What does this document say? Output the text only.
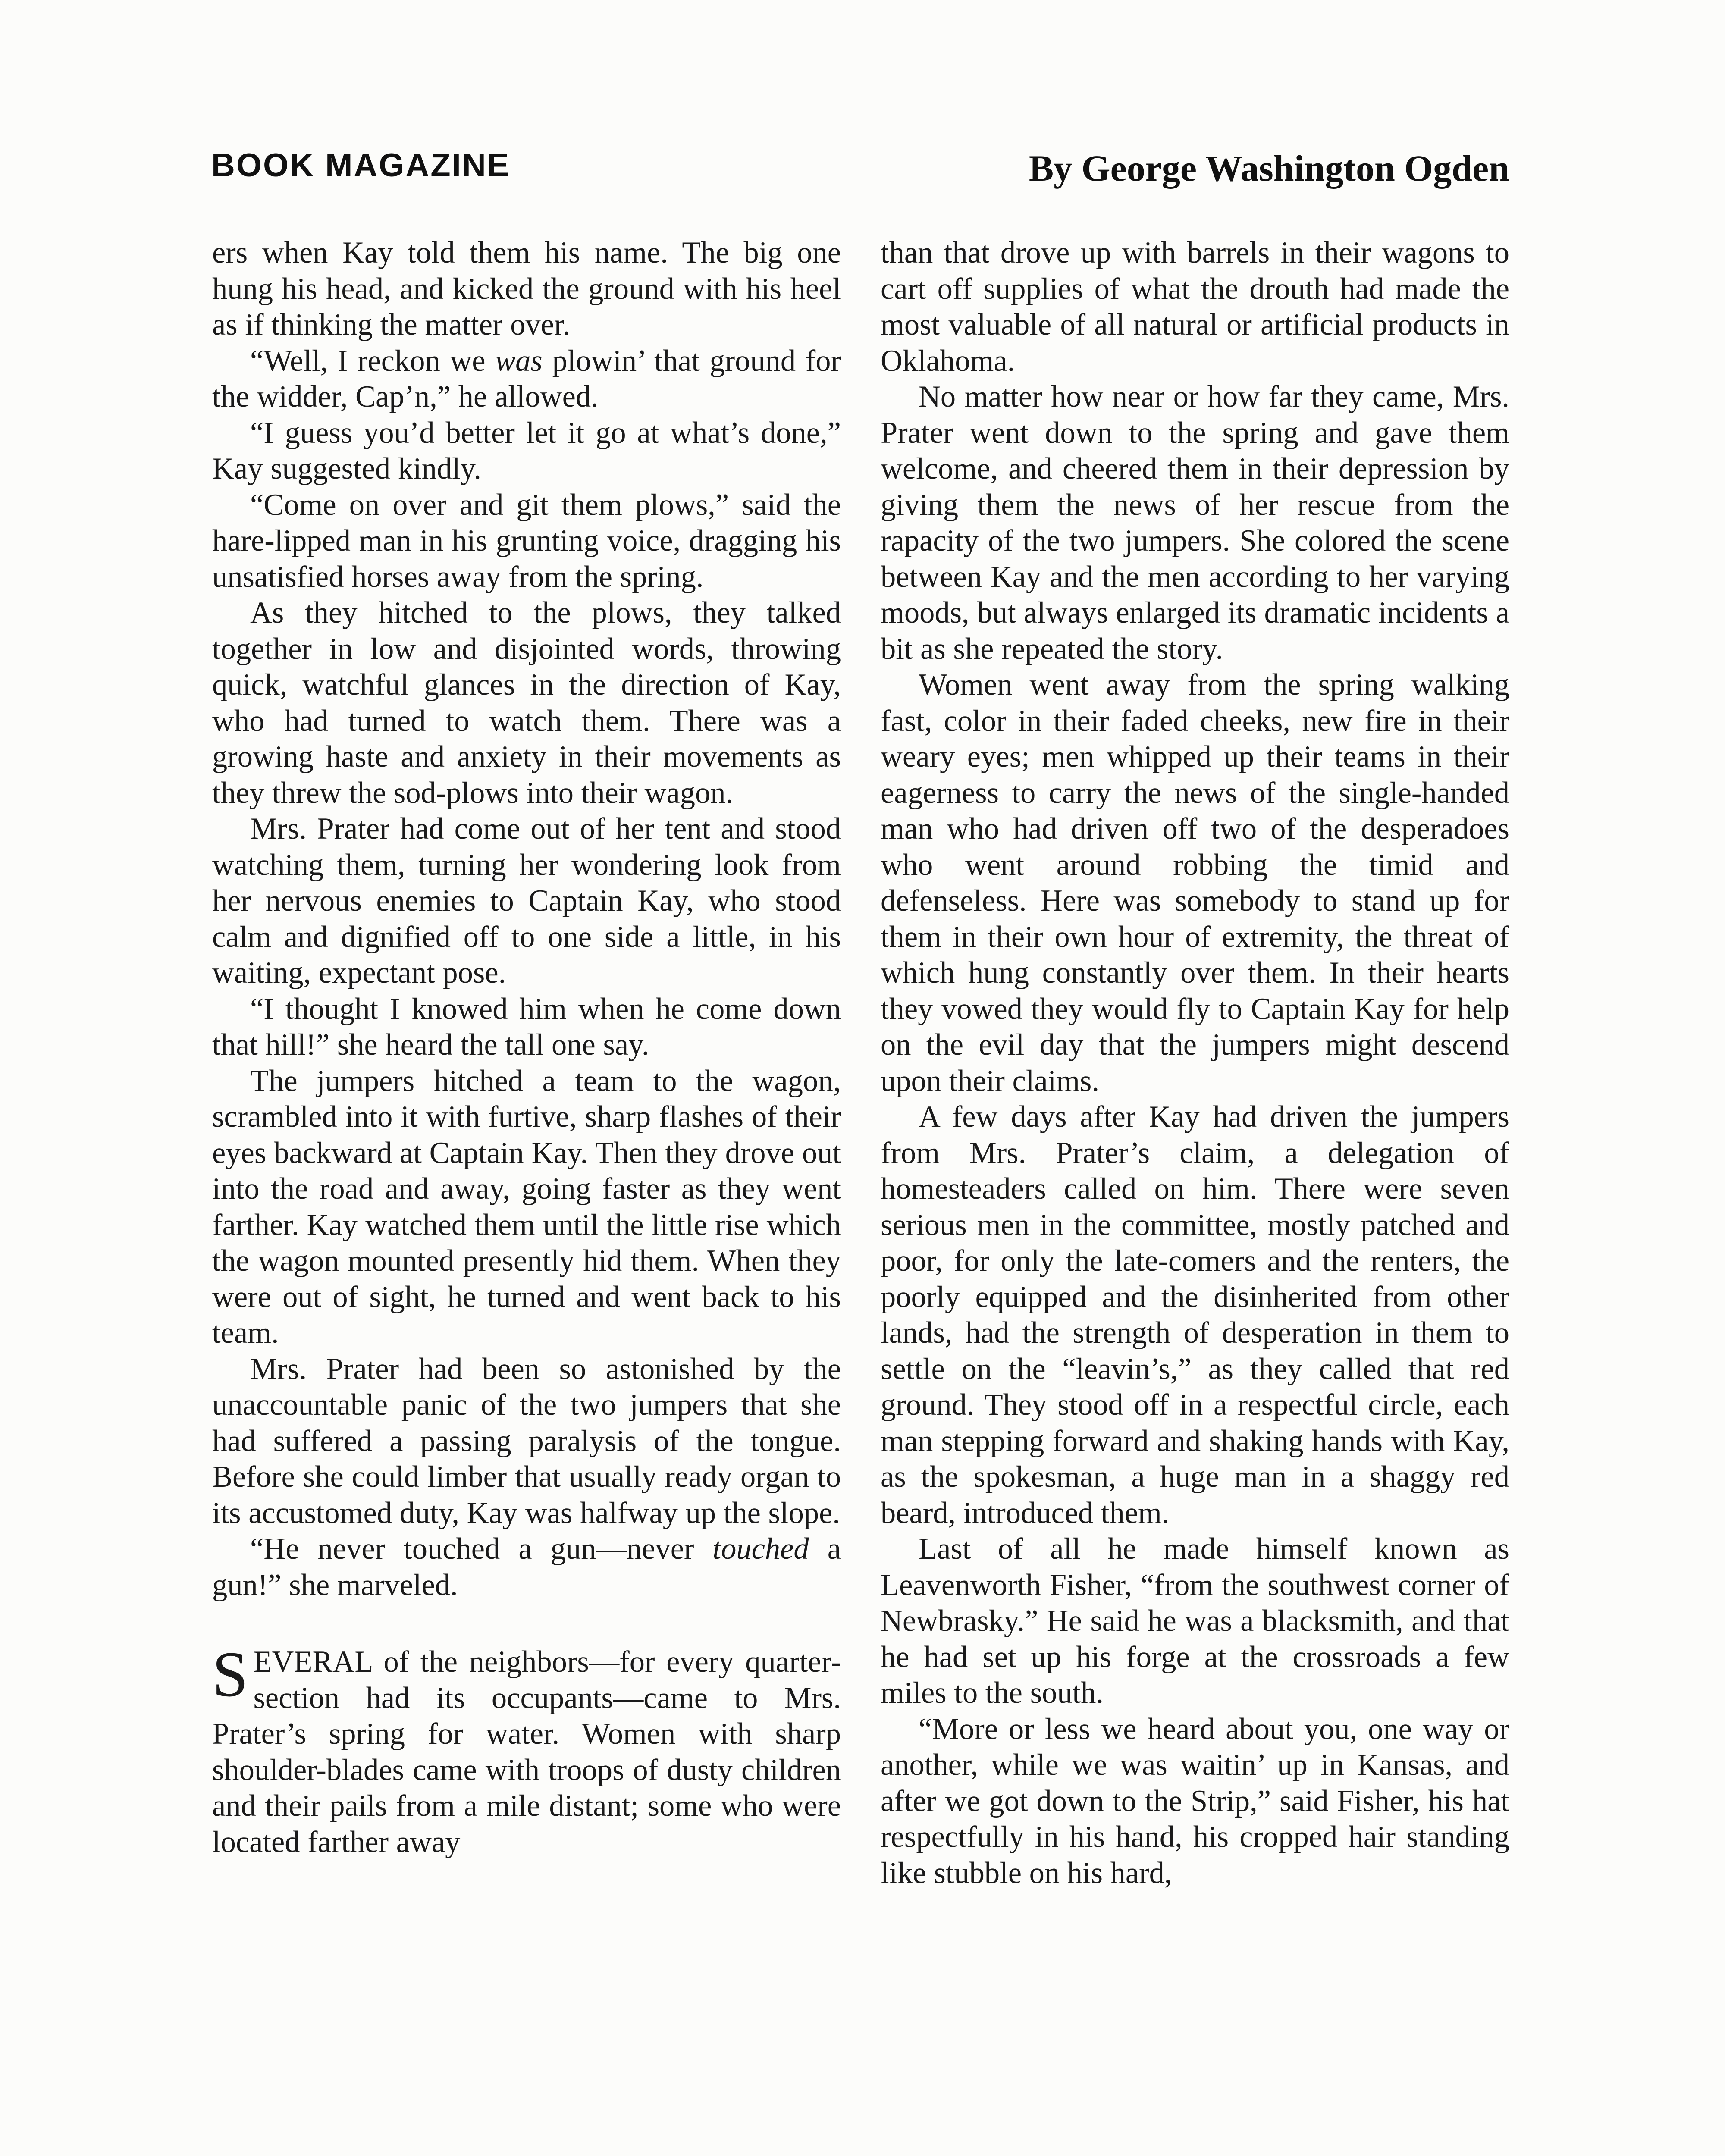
BOOK MAGAZINE	By George Washington Ogden

ers when Kay told them his name. The big one hung his head, and kicked the ground with his heel as if thinking the matter over.

“Well, I reckon we was plowin’ that ground for the widder, Cap’n,” he allowed.

“I guess you’d better let it go at what’s done,” Kay suggested kindly.

“Come on over and git them plows,” said the hare-lipped man in his grunting voice, dragging his unsatisfied horses away from the spring.

As they hitched to the plows, they talked together in low and disjointed words, throwing quick, watchful glances in the direction of Kay, who had turned to watch them. There was a growing haste and anxiety in their movements as they threw the sod-plows into their wagon.

Mrs. Prater had come out of her tent and stood watching them, turning her wondering look from her nervous enemies to Captain Kay, who stood calm and dignified off to one side a little, in his waiting, expectant pose.

“I thought I knowed him when he come down that hill!” she heard the tall one say.

The jumpers hitched a team to the wagon, scrambled into it with furtive, sharp flashes of their eyes backward at Captain Kay. Then they drove out into the road and away, going faster as they went farther. Kay watched them until the little rise which the wagon mounted presently hid them. When they were out of sight, he turned and went back to his team.

Mrs. Prater had been so astonished by the unaccountable panic of the two jumpers that she had suffered a passing paralysis of the tongue. Before she could limber that usually ready organ to its accustomed duty, Kay was halfway up the slope.

“He never touched a gun—never touched a gun!” she marveled.

SEVERAL of the neighbors—for every quarter-section had its occupants—came to Mrs. Prater’s spring for water. Women with sharp shoulder-blades came with troops of dusty children and their pails from a mile distant; some who were located farther away

than that drove up with barrels in their wagons to cart off supplies of what the drouth had made the most valuable of all natural or artificial products in Oklahoma.

No matter how near or how far they came, Mrs. Prater went down to the spring and gave them welcome, and cheered them in their depression by giving them the news of her rescue from the rapacity of the two jumpers. She colored the scene between Kay and the men according to her varying moods, but always enlarged its dramatic incidents a bit as she repeated the story.

Women went away from the spring walking fast, color in their faded cheeks, new fire in their weary eyes; men whipped up their teams in their eagerness to carry the news of the single-handed man who had driven off two of the desperadoes who went around robbing the timid and defenseless. Here was somebody to stand up for them in their own hour of extremity, the threat of which hung constantly over them. In their hearts they vowed they would fly to Captain Kay for help on the evil day that the jumpers might descend upon their claims.

A few days after Kay had driven the jumpers from Mrs. Prater’s claim, a delegation of homesteaders called on him. There were seven serious men in the committee, mostly patched and poor, for only the late-comers and the renters, the poorly equipped and the disinherited from other lands, had the strength of desperation in them to settle on the “leavin’s,” as they called that red ground. They stood off in a respectful circle, each man stepping forward and shaking hands with Kay, as the spokesman, a huge man in a shaggy red beard, introduced them.

Last of all he made himself known as Leavenworth Fisher, “from the southwest corner of Newbrasky.” He said he was a blacksmith, and that he had set up his forge at the crossroads a few miles to the south.

“More or less we heard about you, one way or another, while we was waitin’ up in Kansas, and after we got down to the Strip,” said Fisher, his hat respectfully in his hand, his cropped hair standing like stubble on his hard,
